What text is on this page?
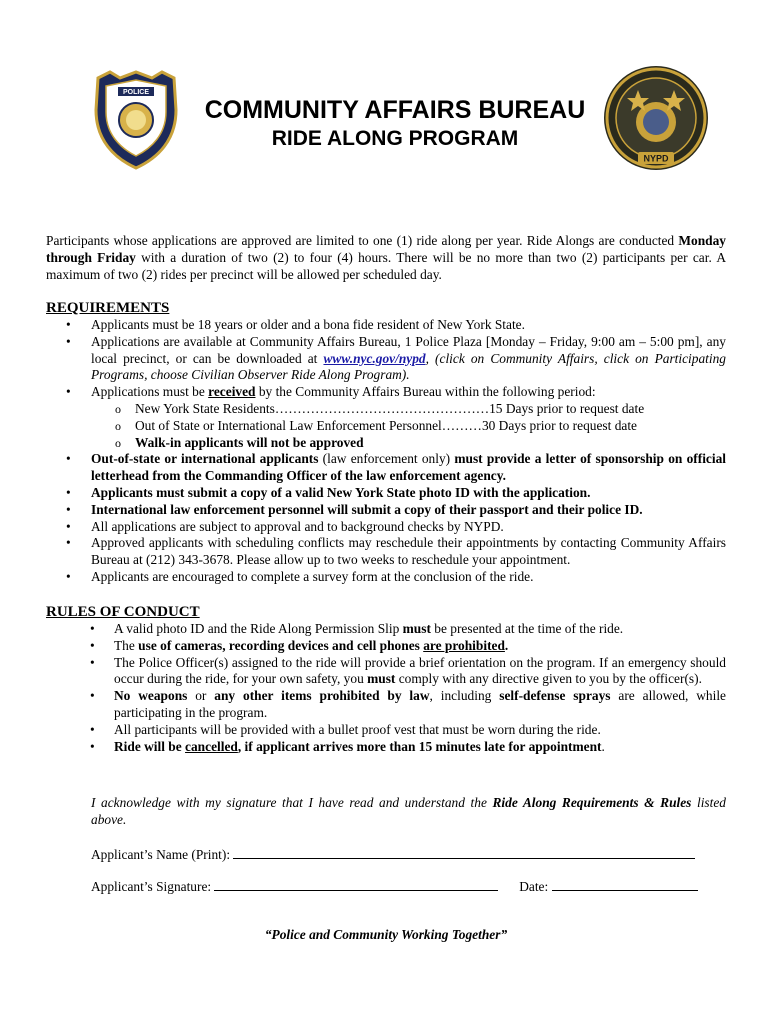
POLICE
NYPD
COMMUNITY AFFAIRS BUREAU
RIDE ALONG PROGRAM
Participants whose applications are approved are limited to one (1) ride along per year. Ride Alongs are conducted Monday through Friday with a duration of two (2) to four (4) hours. There will be no more than two (2) participants per car. A maximum of two (2) rides per precinct will be allowed per scheduled day.

REQUIREMENTS

• Applicants must be 18 years or older and a bona fide resident of New York State.
• Applications are available at Community Affairs Bureau, 1 Police Plaza [Monday – Friday, 9:00 am – 5:00 pm], any local precinct, or can be downloaded at www.nyc.gov/nypd, (click on Community Affairs, click on Participating Programs, choose Civilian Observer Ride Along Program).
• Applications must be received by the Community Affairs Bureau within the following period:
o New York State Residents…………………………………………15 Days prior to request date
o Out of State or International Law Enforcement Personnel………30 Days prior to request date
o Walk-in applicants will not be approved
• Out-of-state or international applicants (law enforcement only) must provide a letter of sponsorship on official letterhead from the Commanding Officer of the law enforcement agency.
• Applicants must submit a copy of a valid New York State photo ID with the application.
• International law enforcement personnel will submit a copy of their passport and their police ID.
• All applications are subject to approval and to background checks by NYPD.
• Approved applicants with scheduling conflicts may reschedule their appointments by contacting Community Affairs Bureau at (212) 343-3678. Please allow up to two weeks to reschedule your appointment.
• Applicants are encouraged to complete a survey form at the conclusion of the ride.

RULES OF CONDUCT

• A valid photo ID and the Ride Along Permission Slip must be presented at the time of the ride.
• The use of cameras, recording devices and cell phones are prohibited.
• The Police Officer(s) assigned to the ride will provide a brief orientation on the program. If an emergency should occur during the ride, for your own safety, you must comply with any directive given to you by the officer(s).
• No weapons or any other items prohibited by law, including self-defense sprays are allowed, while participating in the program.
• All participants will be provided with a bullet proof vest that must be worn during the ride.
• Ride will be cancelled, if applicant arrives more than 15 minutes late for appointment.
I acknowledge with my signature that I have read and understand the Ride Along Requirements & Rules listed above.
Applicant’s Name (Print):
Applicant’s Signature:	Date:
“Police and Community Working Together”
